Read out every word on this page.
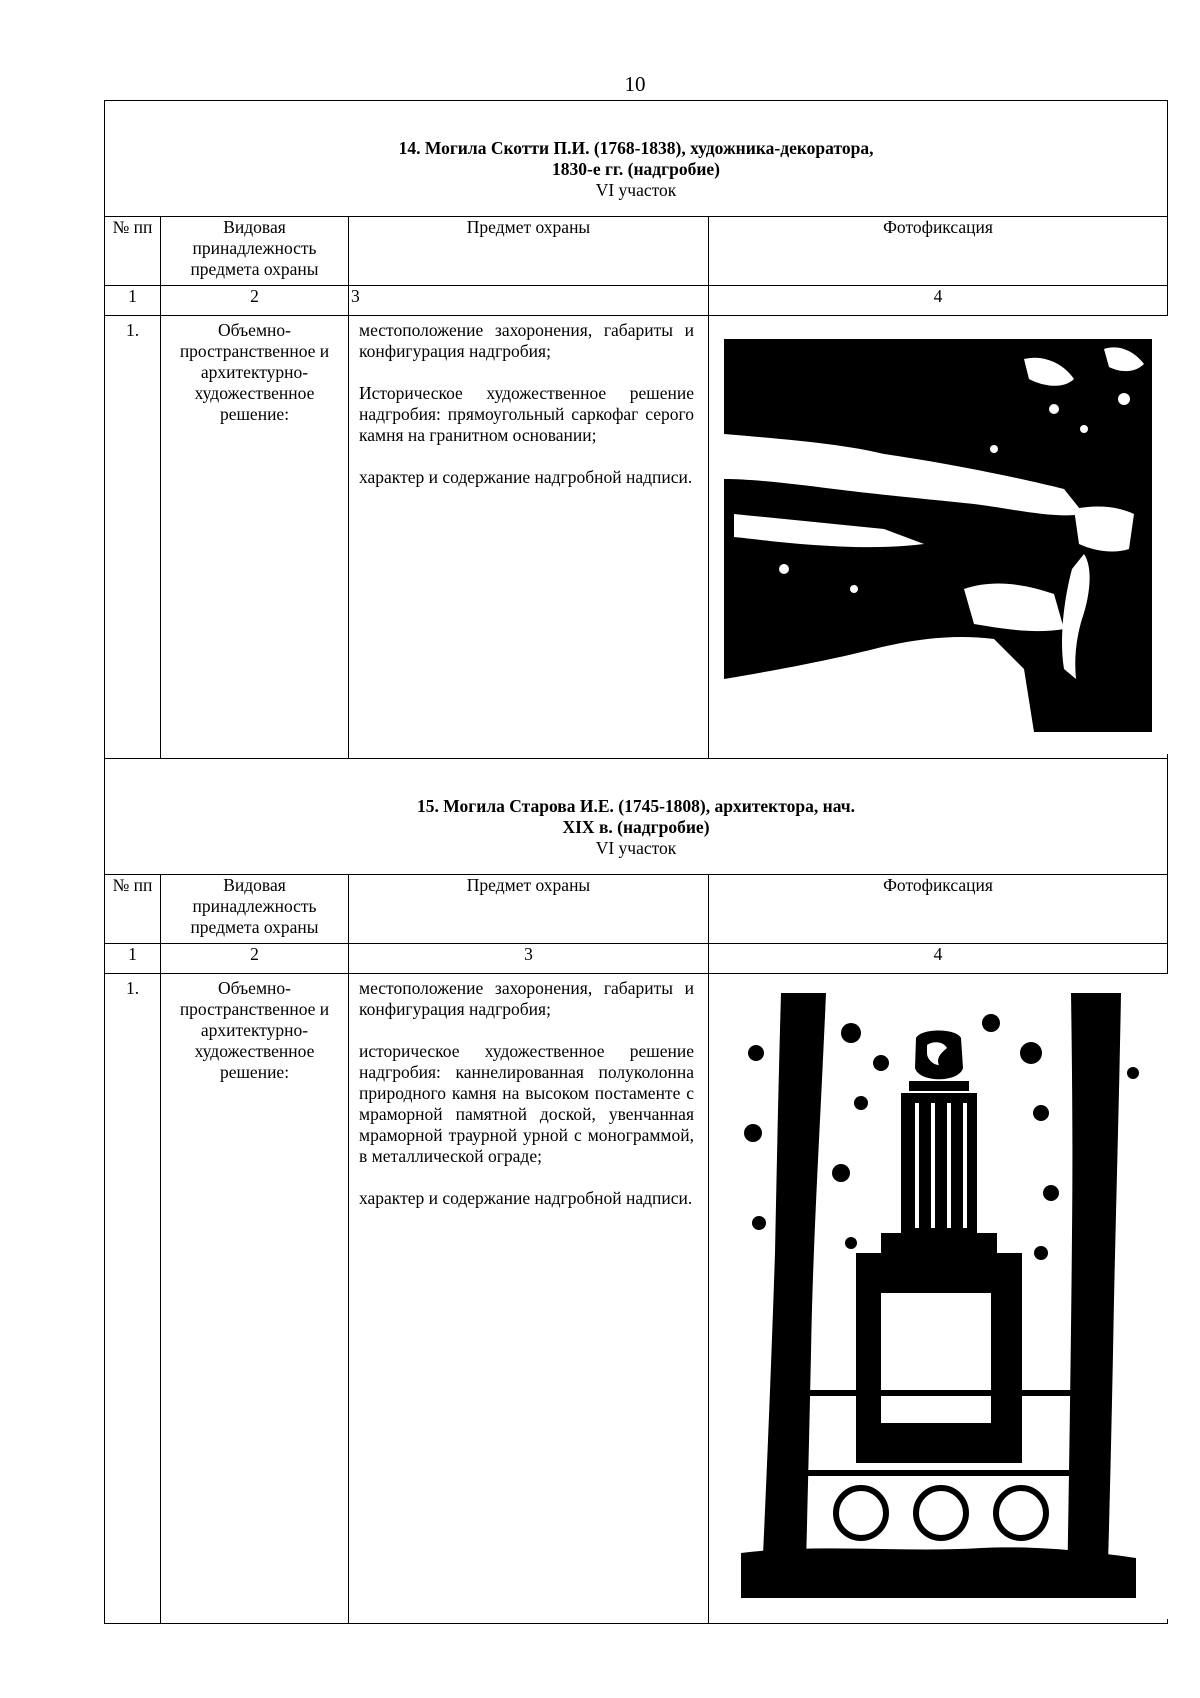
10
14. Могила Скотти П.И. (1768-1838), художника-декоратора,
1830-е гг. (надгробие)
VI участок			

№ пп	Видовая принадлежность предмета охраны	Предмет охраны	Фотофиксация
1	2	3	4
1.	Объемно-пространственное и архитектурно-художественное решение:	местоположение захоронения, габариты и конфигурация надгробия;

Историческое художественное решение надгробия: прямоугольный саркофаг серого камня на гранитном основании;

характер и содержание надгробной надписи.

15. Могила Старова И.Е. (1745-1808), архитектора, нач.
XIX в. (надгробие)
VI участок			

№ пп	Видовая принадлежность предмета охраны	Предмет охраны	Фотофиксация
1	2	3	4
1.	Объемно-пространственное и архитектурно-художественное решение:	местоположение захоронения, габариты и конфигурация надгробия;

историческое художественное решение надгробия: каннелированная полуколонна природного камня на высоком постаменте с мраморной памятной доской, увенчанная мраморной траурной урной с монограммой, в металлической ограде;

характер и содержание надгробной надписи.
